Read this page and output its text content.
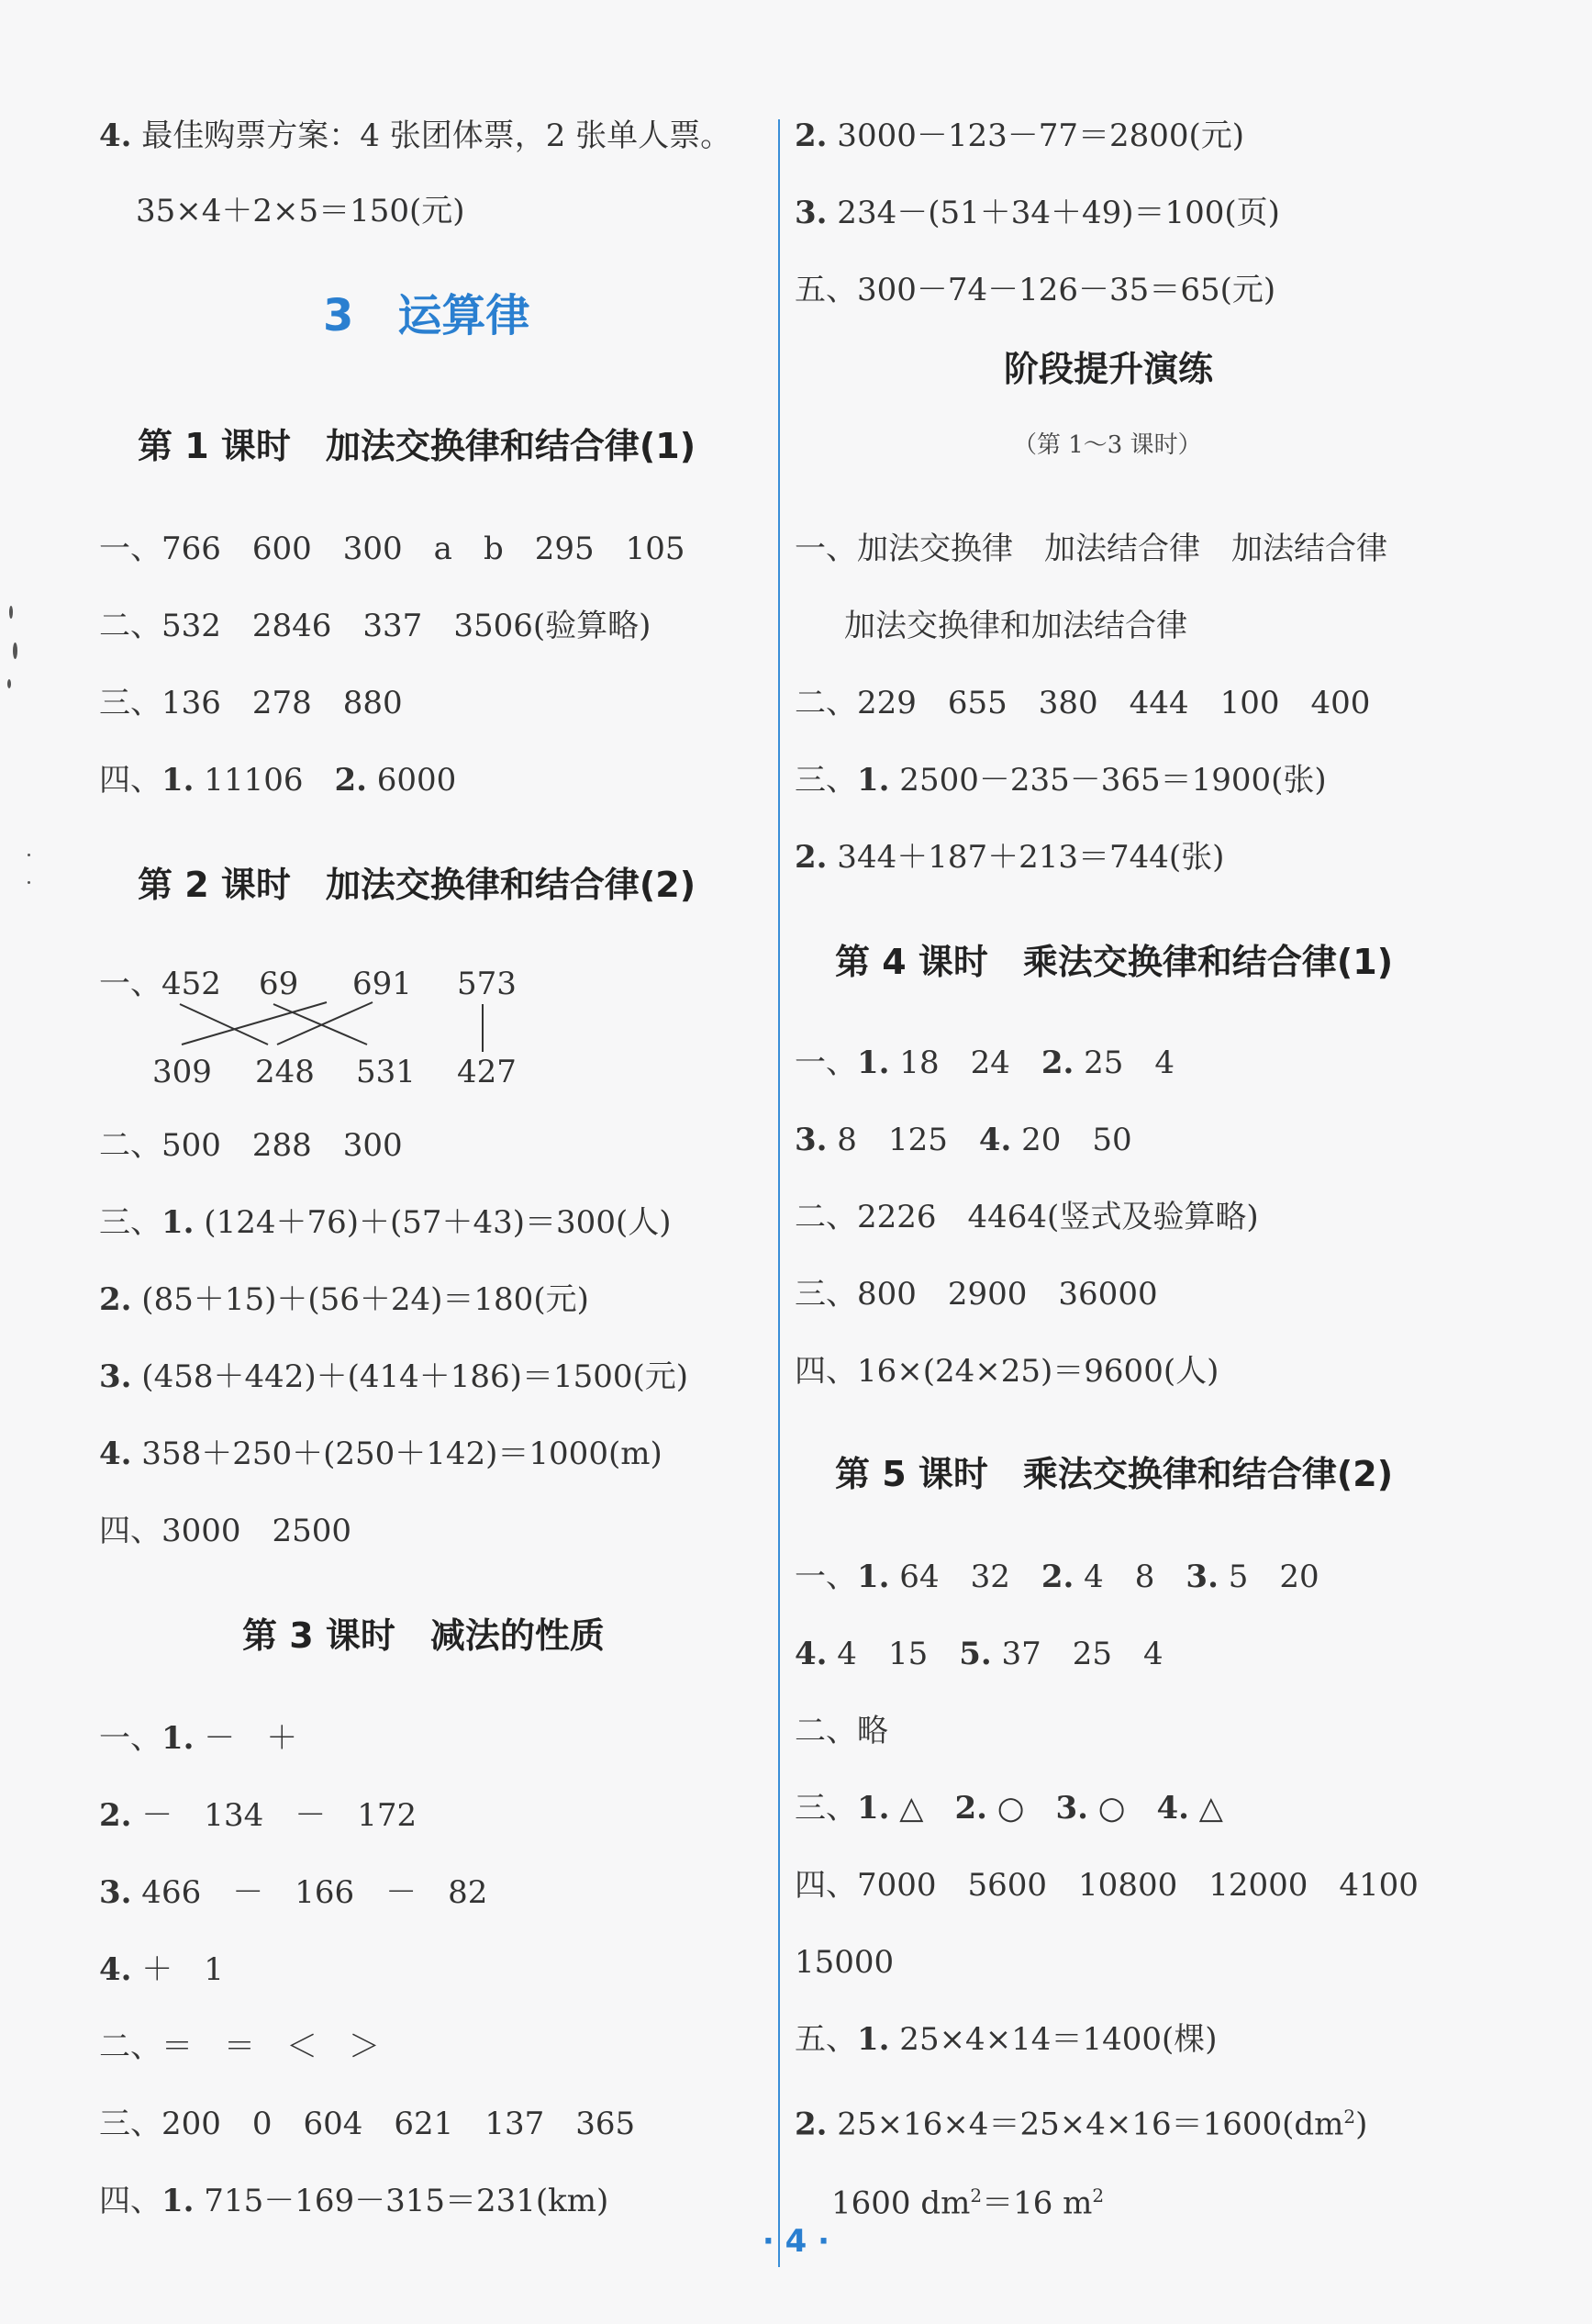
4. 最佳购票方案：4 张团体票，2 张单人票。
35×4＋2×5＝150(元)
3　运算律
第 1 课时　加法交换律和结合律(1)
一、766　600　300　a　b　295　105
二、532　2846　337　3506(验算略)
三、136　278　880
四、1. 11106　2. 6000
第 2 课时　加法交换律和结合律(2)
一、452 69 691 573
309 248 531 427
二、500　288　300
三、1. (124＋76)＋(57＋43)＝300(人)
2. (85＋15)＋(56＋24)＝180(元)
3. (458＋442)＋(414＋186)＝1500(元)
4. 358＋250＋(250＋142)＝1000(m)
四、3000　2500
第 3 课时　减法的性质
一、1. －　＋
2. －　134　－　172
3. 466　－　166　－　82
4. ＋　1
二、＝　＝　＜　＞
三、200　0　604　621　137　365
四、1. 715－169－315＝231(km)
2. 3000－123－77＝2800(元)
3. 234－(51＋34＋49)＝100(页)
五、300－74－126－35＝65(元)
阶段提升演练
（第 1～3 课时）
一、加法交换律　加法结合律　加法结合律
加法交换律和加法结合律
二、229　655　380　444　100　400
三、1. 2500－235－365＝1900(张)
2. 344＋187＋213＝744(张)
第 4 课时　乘法交换律和结合律(1)
一、1. 18　24　2. 25　4
3. 8　125　4. 20　50
二、2226　4464(竖式及验算略)
三、800　2900　36000
四、16×(24×25)＝9600(人)
第 5 课时　乘法交换律和结合律(2)
一、1. 64　32　2. 4　8　3. 5　20
4. 4　15　5. 37　25　4
二、略
三、1. △　2. ○　3. ○　4. △
四、7000　5600　10800　12000　4100
15000
五、1. 25×4×14＝1400(棵)
2. $25\times 16\times 4=25\times 4\times 16=1600(dm^2)$
1600 $dm^2=16$ $m^2$
· 4 ·
